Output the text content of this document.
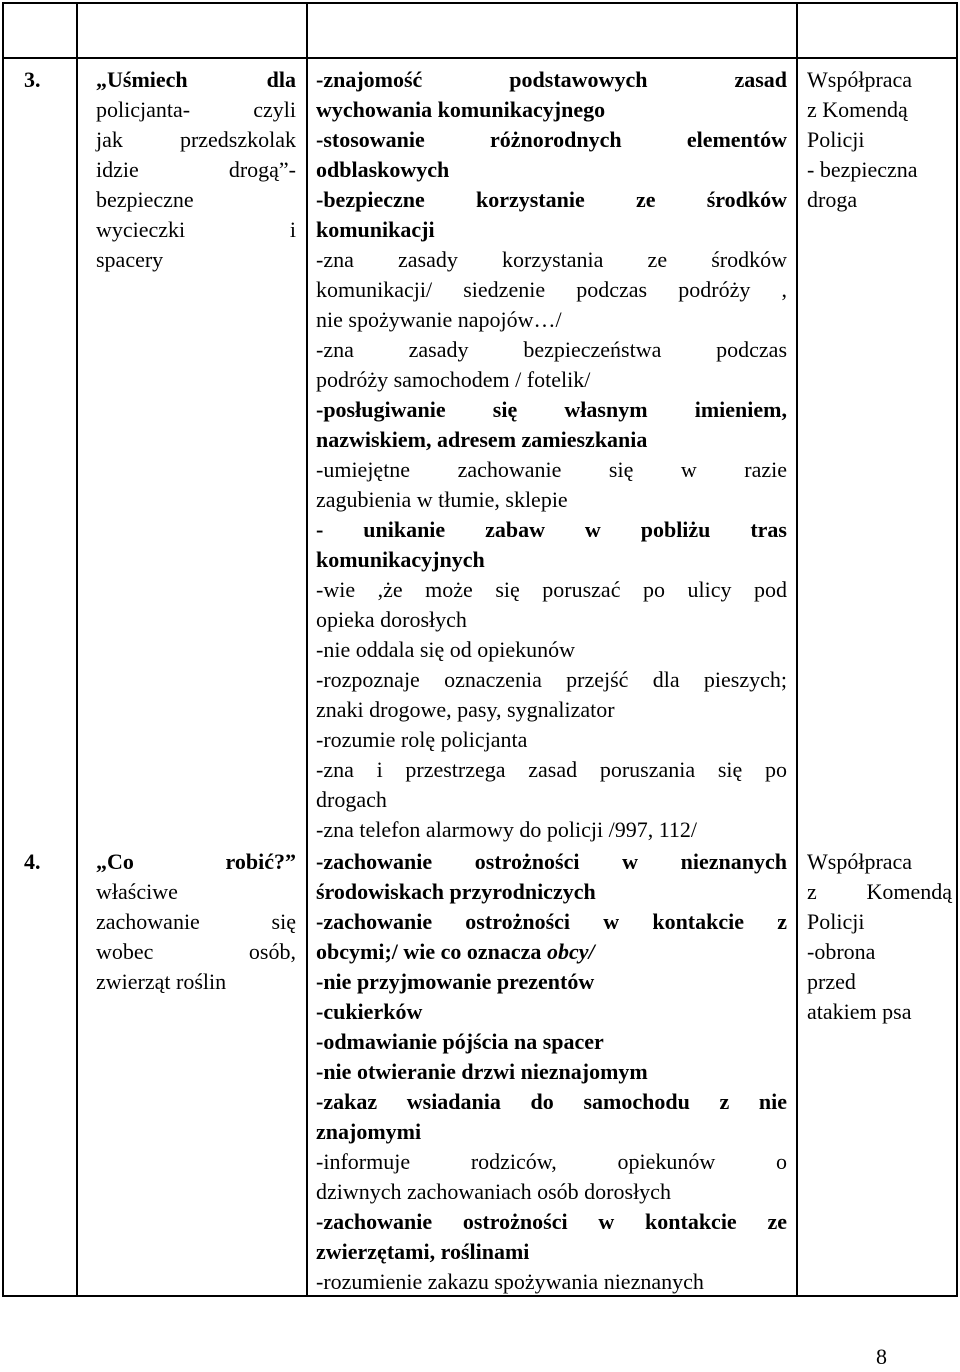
3.	„Uśmiech dla
policjanta- czyli
jak przedszkolak
idzie drogą”-
bezpieczne
wycieczki i
spacery
-znajomość podstawowych zasad
wychowania komunikacyjnego
-stosowanie różnorodnych elementów
odblaskowych
-bezpieczne korzystanie ze środków
komunikacji
-zna zasady korzystania ze środków
komunikacji/ siedzenie podczas podróży ,
nie spożywanie napojów…/
-zna zasady bezpieczeństwa podczas
podróży samochodem / fotelik/
-posługiwanie się własnym imieniem,
nazwiskiem, adresem zamieszkania
-umiejętne zachowanie się w razie
zagubienia w tłumie, sklepie
- unikanie zabaw w pobliżu tras
komunikacyjnych
-wie ,że może się poruszać po ulicy pod
opieka dorosłych
-nie oddala się od opiekunów
-rozpoznaje oznaczenia przejść dla pieszych;
znaki drogowe, pasy, sygnalizator
-rozumie rolę policjanta
-zna i przestrzega zasad poruszania się po
drogach
-zna telefon alarmowy do policji /997, 112/
Współpraca
z Komendą
Policji
- bezpieczna
droga
4.	„Co robić?”
właściwe
zachowanie się
wobec osób,
zwierząt roślin
-zachowanie ostrożności w nieznanych
środowiskach przyrodniczych
-zachowanie ostrożności w kontakcie z
obcymi;/ wie co oznacza obcy/
-nie przyjmowanie prezentów
-cukierków
-odmawianie pójścia na spacer
-nie otwieranie drzwi nieznajomym
-zakaz wsiadania do samochodu z nie
znajomymi
-informuje rodziców, opiekunów o
dziwnych zachowaniach osób dorosłych
-zachowanie ostrożności w kontakcie ze
zwierzętami, roślinami
-rozumienie zakazu spożywania nieznanych
Współpraca
z Komendą
Policji
-obrona
przed
atakiem psa
8
